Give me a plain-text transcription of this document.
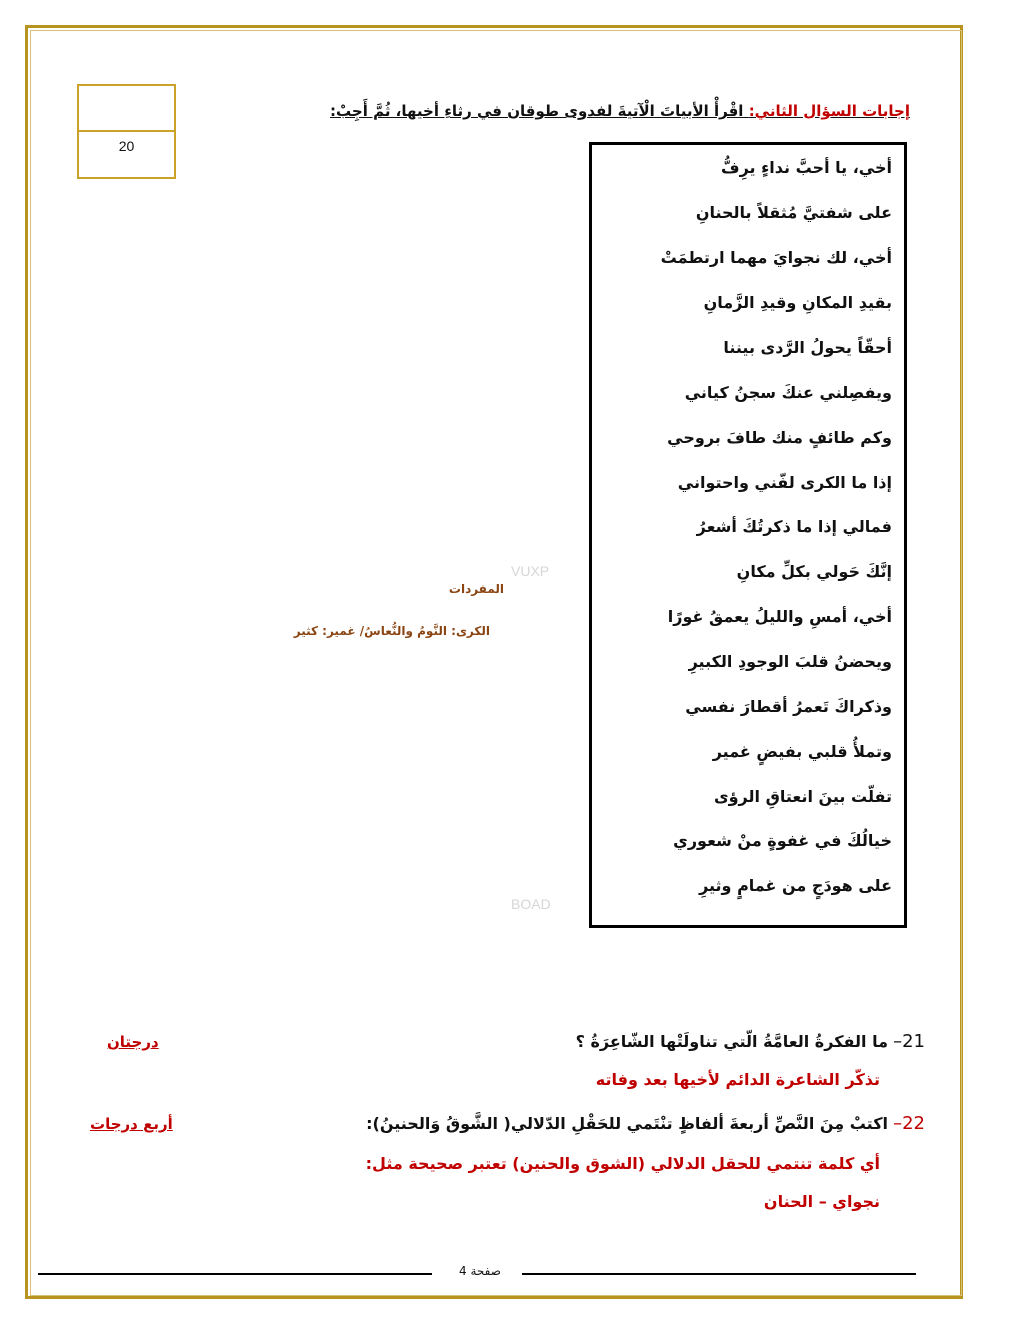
20
إجابات السؤال الثاني: اقْرأْ الأبياتَ الْآتيةَ لفدوى طوقان في رثاءِ أخيها، ثُمَّ أَجِبْ:
أخي، يا أحبَّ نداءٍ يرِفُّ
على شفتيَّ مُثقلاً بالحنانِ
أخي، لك نجوايَ مهما ارتطمَتْ
بقيدِ المكانِ وقيدِ الزَّمانِ
أحقّاً يحولُ الرَّدى بيننا
ويفصِلني عنكَ سجنُ كياني
وكم طائفٍ منك طافَ بروحي
إذا ما الكرى لفّني واحتواني
فمالي إذا ما ذكرتُكَ أشعرُ
إنَّكَ حَولي بكلِّ مكانِ
أخي، أمسِ والليلُ يعمقُ غورًا
ويحضنُ قلبَ الوجودِ الكبيرِ
وذكراكَ تَعمرُ أقطارَ نفسي
وتملأُ قلبي بفيضٍ غمير
تفلّت بينَ انعتاقِ الرؤى
خيالُكَ في غفوةٍ منْ شعوري
على هودَجٍ من غمامٍ وثيرِ
VUXP
BOAD
المفردات
الكرى: النَّومُ والنُّعاسُ/ غمير: كثير
21– ما الفكرةُ العامَّةُ الّتي تناولَتْها الشّاعِرَةُ ؟
درجتان
تذكّر الشاعرة الدائم لأخيها بعد وفاته
22– اكتبْ مِنَ النَّصِّ أربعةَ ألفاظٍ تنْتَمي للحَقْلِ الدّلالي( الشَّوقُ وَالحنينُ):
أربع درجات
أي كلمة تنتمي للحقل الدلالي (الشوق والحنين) تعتبر صحيحة مثل:
نجواي – الحنان
صفحة 4
